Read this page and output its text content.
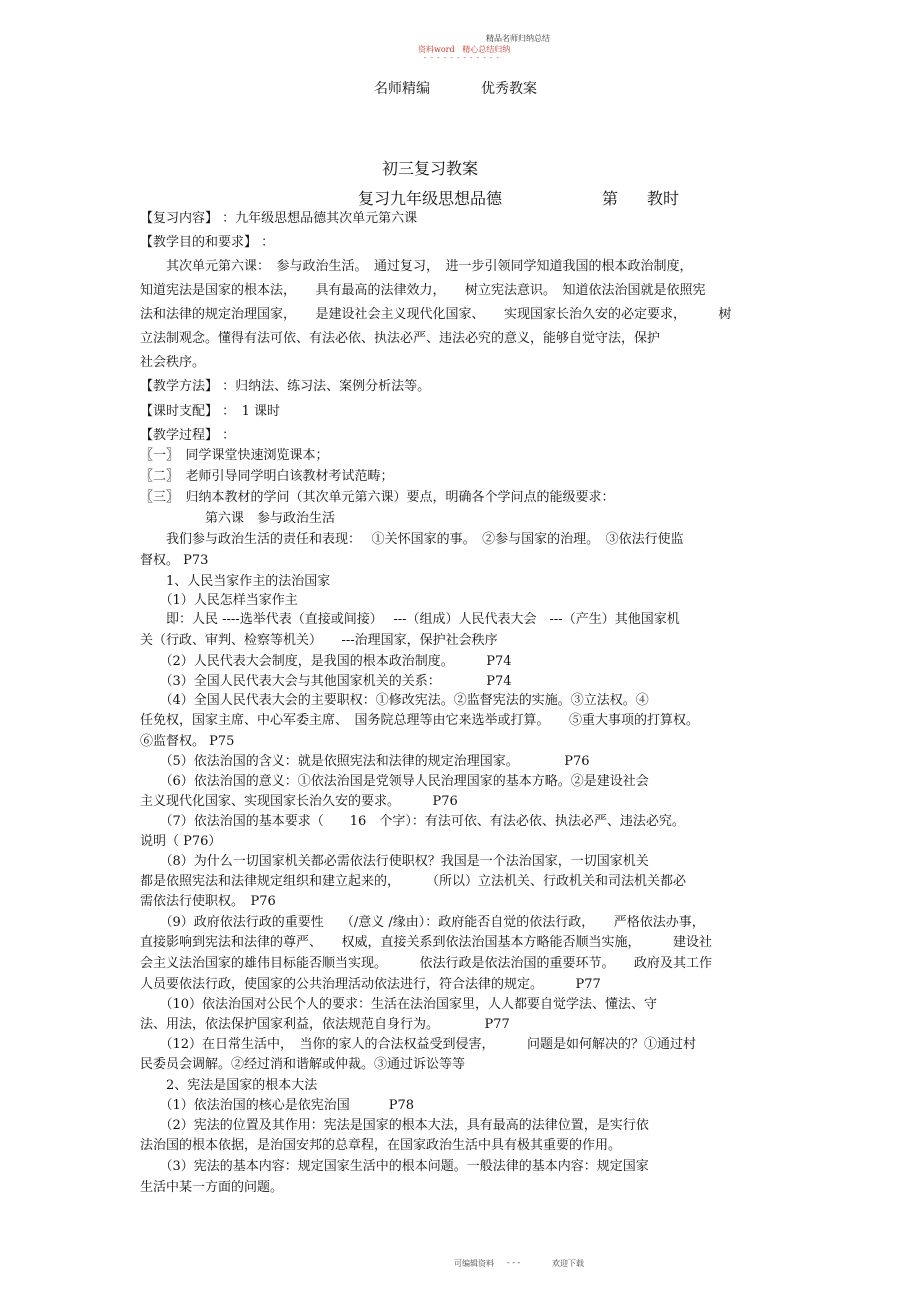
精品名师归纳总结
资料word 精心总结归纳
- - - - - - - - - - - -
名师精编	优秀教案
初三复习教案
复习九年级思想品德	第 教时
【复习内容】 ：九年级思想品德其次单元第六课
【教学目的和要求】 ：
　　其次单元第六课：　参与政治生活。　通过复习，　进一步引领同学知道我国的根本政治制度，
知道宪法是国家的根本法，　　具有最高的法律效力，　　树立宪法意识。　知道依法治国就是依照宪
法和法律的规定治理国家，　　是建设社会主义现代化国家、　　实现国家长治久安的必定要求，　　　树
立法制观念。懂得有法可依、有法必依、执法必严、违法必究的意义，能够自觉守法，保护
社会秩序。
【教学方法】 ：归纳法、练习法、案例分析法等。
【课时支配】 ：　1 课时
【教学过程】 ：
〖一〗　同学课堂快速浏览课本；
〖二〗　老师引导同学明白该教材考试范畴；
〖三〗　归纳本教材的学问（其次单元第六课）要点，明确各个学问点的能级要求：
　　　　　第六课　参与政治生活
　　我们参与政治生活的责任和表现：　 ①关怀国家的事。　②参与国家的治理。　③依法行使监
督权。 P73
　　1、人民当家作主的法治国家
　　（1）人民怎样当家作主
　　即：人民 ----选举代表（直接或间接）　 ---（组成）人民代表大会　---（产生）其他国家机
关（行政、审判、检察等机关）　　---治理国家，保护社会秩序
　　（2）人民代表大会制度，是我国的根本政治制度。　　　P74
　　（3）全国人民代表大会与其他国家机关的关系：　　　　P74
　　（4）全国人民代表大会的主要职权：①修改宪法。②监督宪法的实施。③立法权。④
任免权，国家主席、中心军委主席、　国务院总理等由它来选举或打算。　　⑤重大事项的打算权。
⑥监督权。 P75
　　（5）依法治国的含义：就是依照宪法和法律的规定治理国家。　　　　P76
　　（6）依法治国的意义：①依法治国是党领导人民治理国家的基本方略。②是建设社会
主义现代化国家、实现国家长治久安的要求。　　　P76
　　（7）依法治国的基本要求（　　16　个字）：有法可依、有法必依、执法必严、违法必究。
说明（ P76）
　　（8）为什么一切国家机关都必需依法行使职权？我国是一个法治国家，一切国家机关
都是依照宪法和法律规定组织和建立起来的，　　　（所以）立法机关、行政机关和司法机关都必
需依法行使职权。　P76
　　（9）政府依法行政的重要性　 （/意义 /缘由）：政府能否自觉的依法行政，　　严格依法办事，
直接影响到宪法和法律的尊严、　　权威，直接关系到依法治国基本方略能否顺当实施，　　　建设社
会主义法治国家的雄伟目标能否顺当实现。　　　依法行政是依法治国的重要环节。　　政府及其工作
人员要依法行政，使国家的公共治理活动依法进行，符合法律的规定。　　　P77
　　（10）依法治国对公民个人的要求：生活在法治国家里，人人都要自觉学法、懂法、守
法、用法，依法保护国家利益，依法规范自身行为。　　　　P77
　　（12）在日常生活中，　当你的家人的合法权益受到侵害，　　　问题是如何解决的？①通过村
民委员会调解。②经过消和谐解或仲裁。③通过诉讼等等
　　2、宪法是国家的根本大法
　　（1）依法治国的核心是依宪治国　　　P78
　　（2）宪法的位置及其作用：宪法是国家的根本大法，具有最高的法律位置，是实行依
法治国的根本依据，是治国安邦的总章程，在国家政治生活中具有极其重要的作用。
　　（3）宪法的基本内容：规定国家生活中的根本问题。一般法律的基本内容：规定国家
生活中某一方面的问题。
可编辑资料 - - -	欢迎下载
